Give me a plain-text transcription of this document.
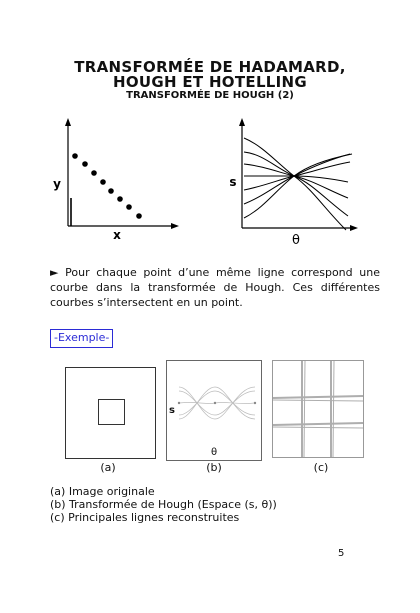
TRANSFORMÉE DE HADAMARD,
HOUGH ET HOTELLING
TRANSFORMÉE DE HOUGH (2)
y
x
s
θ
► Pour chaque point d’une même ligne correspond une courbe dans la transformée de Hough. Ces différentes courbes s’intersectent en un point.
-Exemple-
s
θ
(a)	(b)	(c)
(a) Image originale
(b) Transformée de Hough (Espace (s, θ))
(c) Principales lignes reconstruites
5
